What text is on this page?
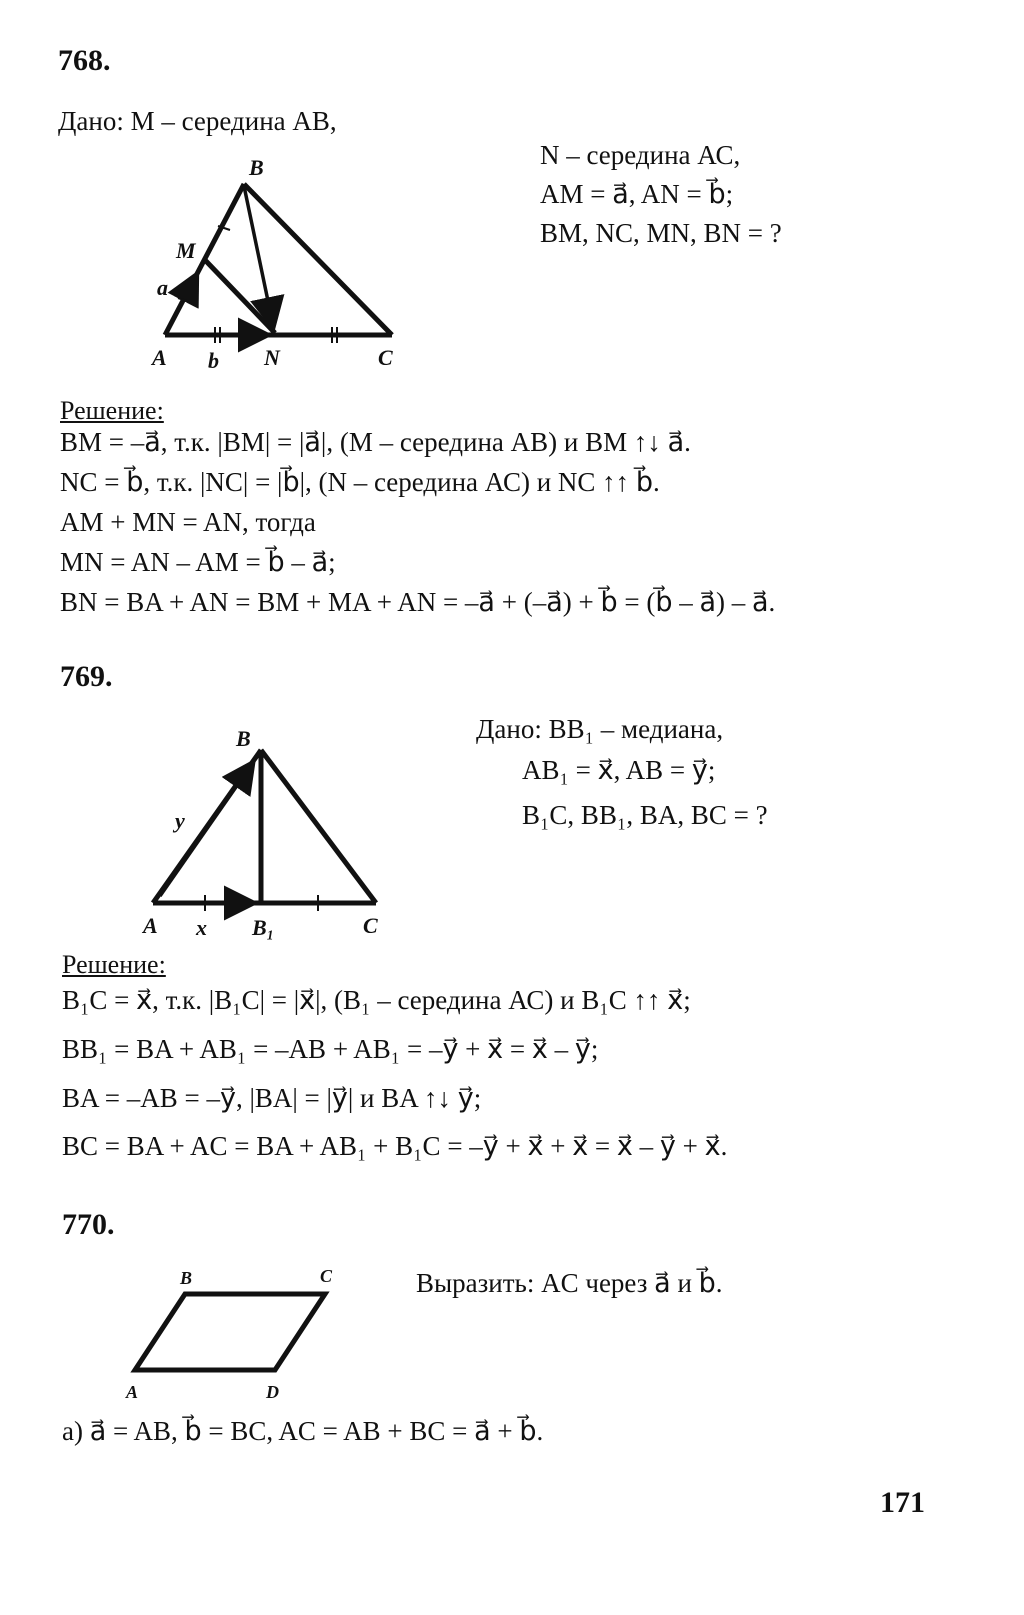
768.
Дано: М – середина АВ,
N – середина АС,
AM = a⃗, AN = b⃗;
BM, NC, MN, BN = ?
B
M
a⃗
A b⃗ N	C
B
y⃗
A x⃗ B₁	C
B	C
A	D
Решение:
BM = –a⃗, т.к. |BM| = |a⃗|, (М – середина АВ) и BM ↑↓ a⃗.
NC = b⃗, т.к. |NC| = |b⃗|, (N – середина АС) и NC ↑↑ b⃗.
AM + MN = AN, тогда
MN = AN – AM = b⃗ – a⃗;
BN = BA + AN = BM + MA + AN = –a⃗ + (–a⃗) + b⃗ = (b⃗ – a⃗) – a⃗.
769.
Дано: BB₁ – медиана,
AB₁ = x⃗, AB = y⃗;
B₁C, BB₁, BA, BC = ?
Решение:
B₁C = x⃗, т.к. |B₁C| = |x⃗|, (B₁ – середина АС) и B₁C ↑↑ x⃗;
BB₁ = BA + AB₁ = –AB + AB₁ = –y⃗ + x⃗ = x⃗ – y⃗;
BA = –AB = –y⃗, |BA| = |y⃗| и BA ↑↓ y⃗;
BC = BA + AC = BA + AB₁ + B₁C = –y⃗ + x⃗ + x⃗ = x⃗ – y⃗ + x⃗.
770.
Выразить: AC через a⃗ и b⃗.
а) a⃗ = AB, b⃗ = BC, AC = AB + BC = a⃗ + b⃗.
171
